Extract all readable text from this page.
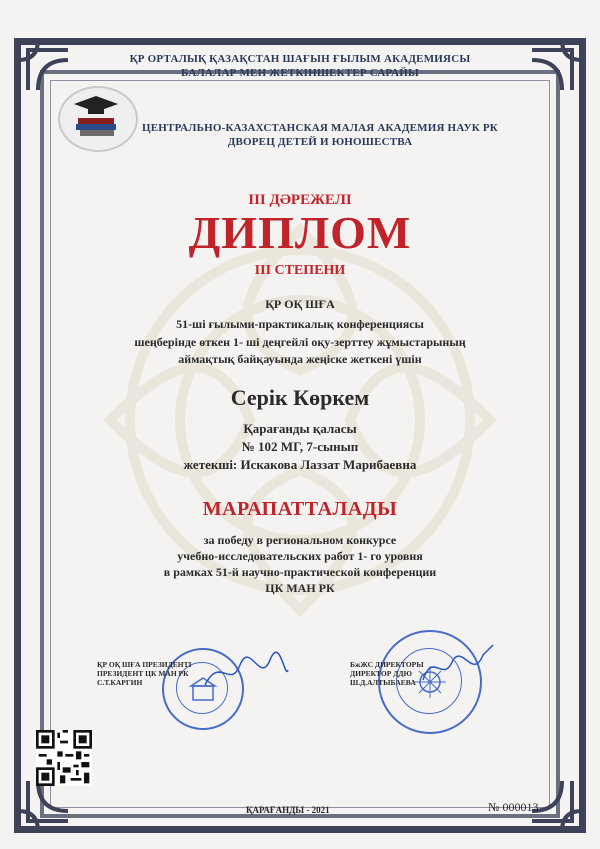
ҚР ОРТАЛЫҚ ҚАЗАҚСТАН ШАҒЫН ҒЫЛЫМ АКАДЕМИЯСЫ
БАЛАЛАР МЕН ЖЕТКІНШЕКТЕР САРАЙЫ
ЦЕНТРАЛЬНО-КАЗАХСТАНСКАЯ МАЛАЯ АКАДЕМИЯ НАУК РК
ДВОРЕЦ ДЕТЕЙ И ЮНОШЕСТВА
ІІІ ДӘРЕЖЕЛІ
ДИПЛОМ
ІІІ СТЕПЕНИ
ҚР ОҚ ШҒА
51-ші ғылыми-практикалық конференциясы
шеңберінде өткен 1- ші деңгейлі оқу-зерттеу жұмыстарының
аймақтық байқауында жеңіске жеткені үшін
Серік Көркем
Қарағанды қаласы
№ 102 МГ, 7-сынып
жетекші: Искакова Лаззат Марибаевна
МАРАПАТТАЛАДЫ
за победу в региональном конкурсе
учебно-исследовательских работ 1- го уровня
в рамках 51-й научно-практической конференции
ЦК МАН РК
ҚР ОҚ ШҒА ПРЕЗИДЕНТІ
ПРЕЗИДЕНТ ЦК МАН РК
С.Т.КАРГИН
БжЖС ДИРЕКТОРЫ
ДИРЕКТОР ДДЮ
Ш.Д.АЛТЫБАЕВА
ҚАРАҒАНДЫ - 2021	№ 000013
